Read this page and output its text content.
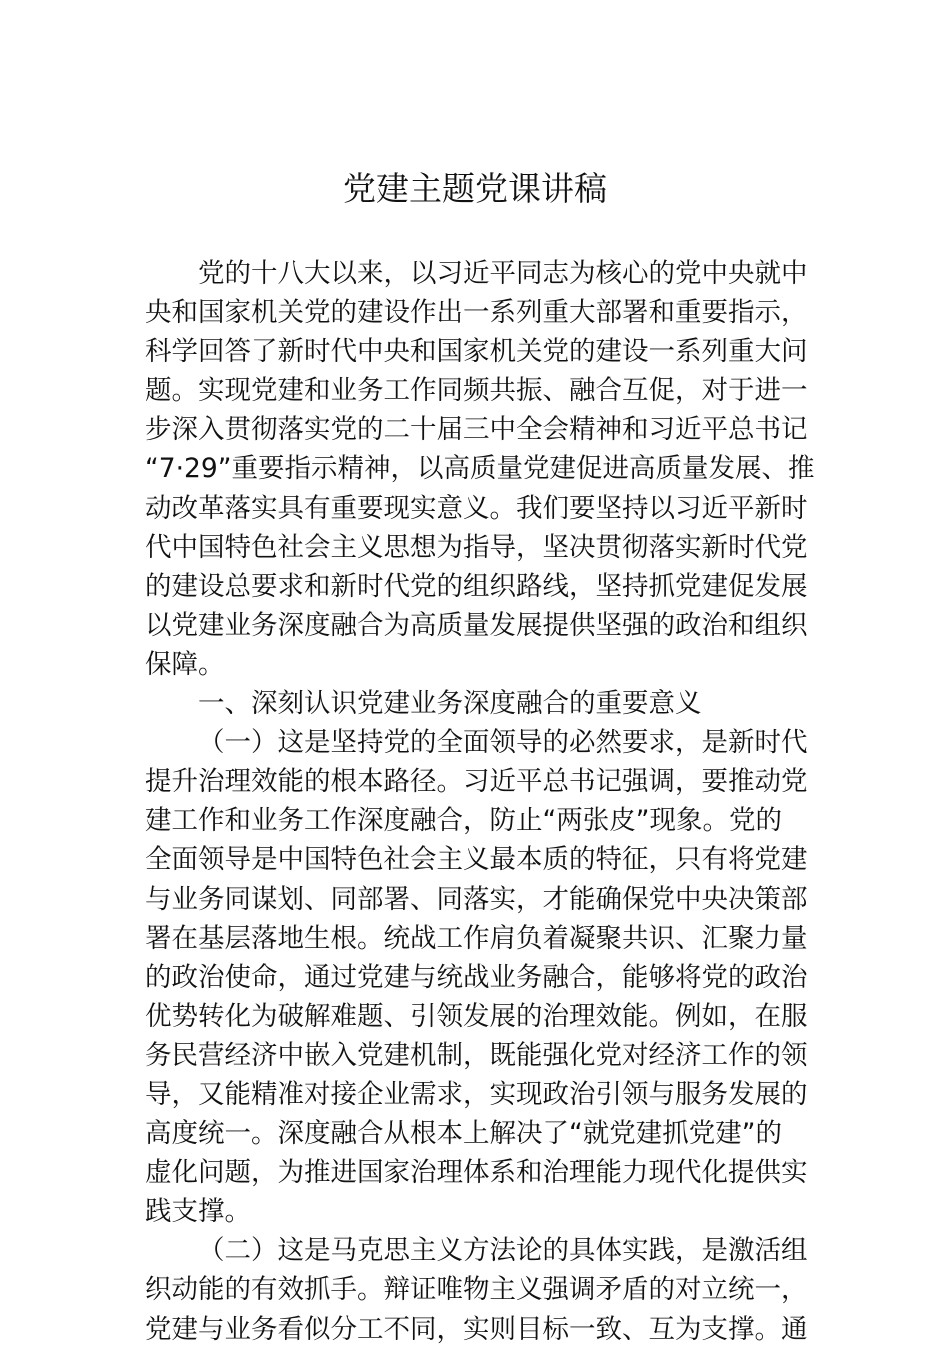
党建主题党课讲稿
党的十八大以来，以习近平同志为核心的党中央就中
央和国家机关党的建设作出一系列重大部署和重要指示，
科学回答了新时代中央和国家机关党的建设一系列重大问
题。实现党建和业务工作同频共振、融合互促，对于进一
步深入贯彻落实党的二十届三中全会精神和习近平总书记
“7·29”重要指示精神，以高质量党建促进高质量发展、推
动改革落实具有重要现实意义。我们要坚持以习近平新时
代中国特色社会主义思想为指导，坚决贯彻落实新时代党
的建设总要求和新时代党的组织路线，坚持抓党建促发展
以党建业务深度融合为高质量发展提供坚强的政治和组织
保障。
一、深刻认识党建业务深度融合的重要意义
（一）这是坚持党的全面领导的必然要求，是新时代
提升治理效能的根本路径。习近平总书记强调，要推动党
建工作和业务工作深度融合，防止“两张皮”现象。党的
全面领导是中国特色社会主义最本质的特征，只有将党建
与业务同谋划、同部署、同落实，才能确保党中央决策部
署在基层落地生根。统战工作肩负着凝聚共识、汇聚力量
的政治使命，通过党建与统战业务融合，能够将党的政治
优势转化为破解难题、引领发展的治理效能。例如，在服
务民营经济中嵌入党建机制，既能强化党对经济工作的领
导，又能精准对接企业需求，实现政治引领与服务发展的
高度统一。深度融合从根本上解决了“就党建抓党建”的
虚化问题，为推进国家治理体系和治理能力现代化提供实
践支撑。
（二）这是马克思主义方法论的具体实践，是激活组
织动能的有效抓手。辩证唯物主义强调矛盾的对立统一，
党建与业务看似分工不同，实则目标一致、互为支撑。通
